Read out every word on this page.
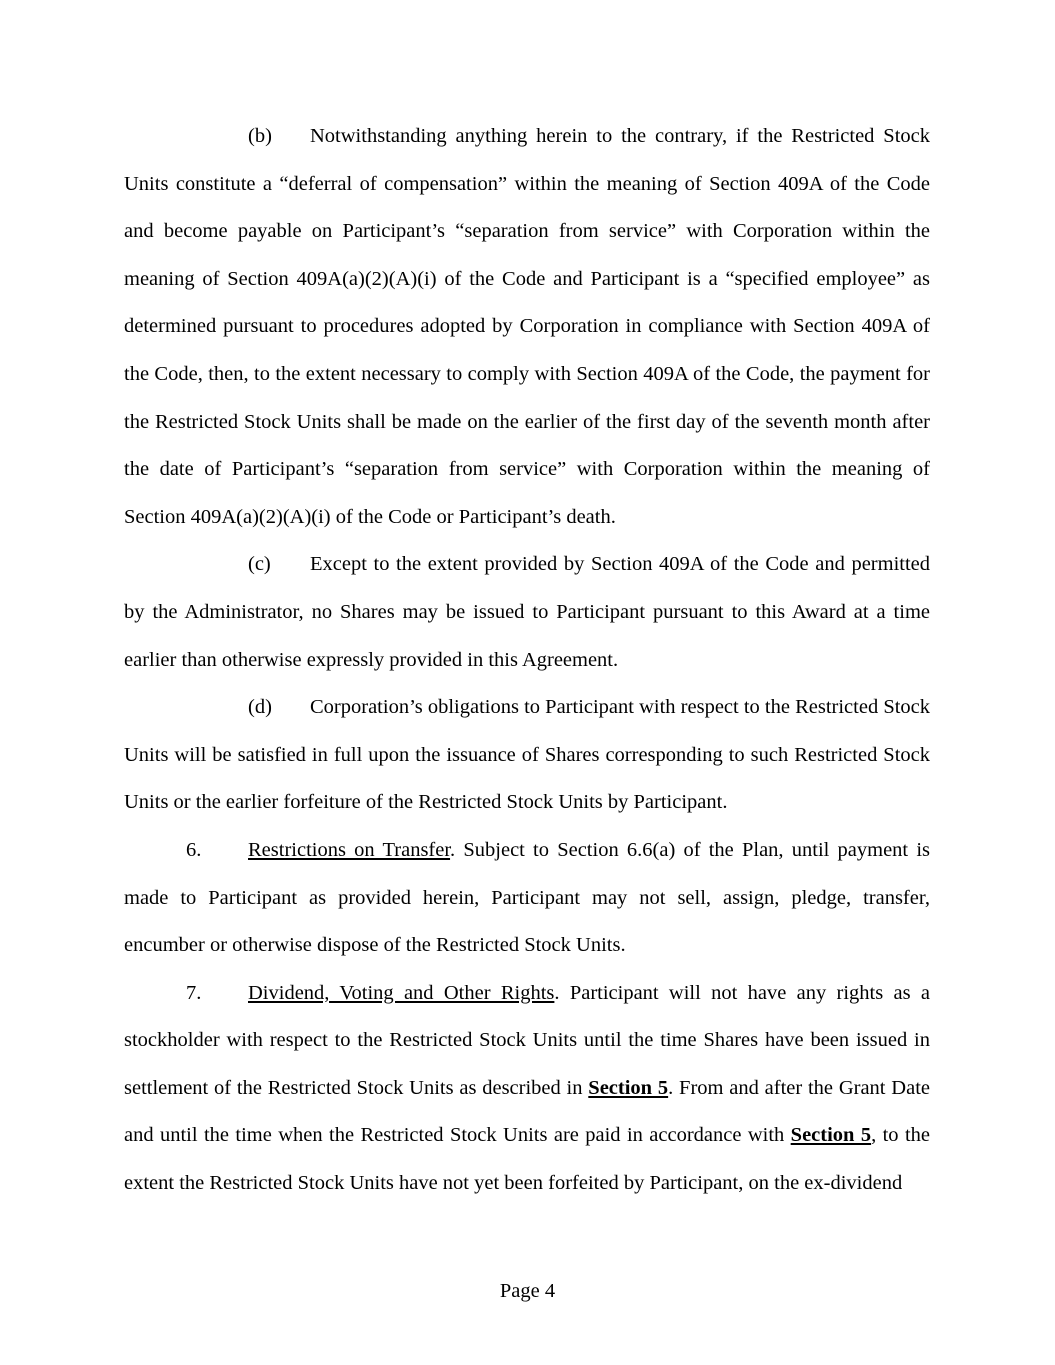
(b) Notwithstanding anything herein to the contrary, if the Restricted Stock Units constitute a “deferral of compensation” within the meaning of Section 409A of the Code and become payable on Participant’s “separation from service” with Corporation within the meaning of Section 409A(a)(2)(A)(i) of the Code and Participant is a “specified employee” as determined pursuant to procedures adopted by Corporation in compliance with Section 409A of the Code, then, to the extent necessary to comply with Section 409A of the Code, the payment for the Restricted Stock Units shall be made on the earlier of the first day of the seventh month after the date of Participant’s “separation from service” with Corporation within the meaning of Section 409A(a)(2)(A)(i) of the Code or Participant’s death.

(c) Except to the extent provided by Section 409A of the Code and permitted by the Administrator, no Shares may be issued to Participant pursuant to this Award at a time earlier than otherwise expressly provided in this Agreement.

(d) Corporation’s obligations to Participant with respect to the Restricted Stock Units will be satisfied in full upon the issuance of Shares corresponding to such Restricted Stock Units or the earlier forfeiture of the Restricted Stock Units by Participant.

6. Restrictions on Transfer. Subject to Section 6.6(a) of the Plan, until payment is made to Participant as provided herein, Participant may not sell, assign, pledge, transfer, encumber or otherwise dispose of the Restricted Stock Units.

7. Dividend, Voting and Other Rights. Participant will not have any rights as a stockholder with respect to the Restricted Stock Units until the time Shares have been issued in settlement of the Restricted Stock Units as described in Section 5. From and after the Grant Date and until the time when the Restricted Stock Units are paid in accordance with Section 5, to the extent the Restricted Stock Units have not yet been forfeited by Participant, on the ex-dividend

Page 4
